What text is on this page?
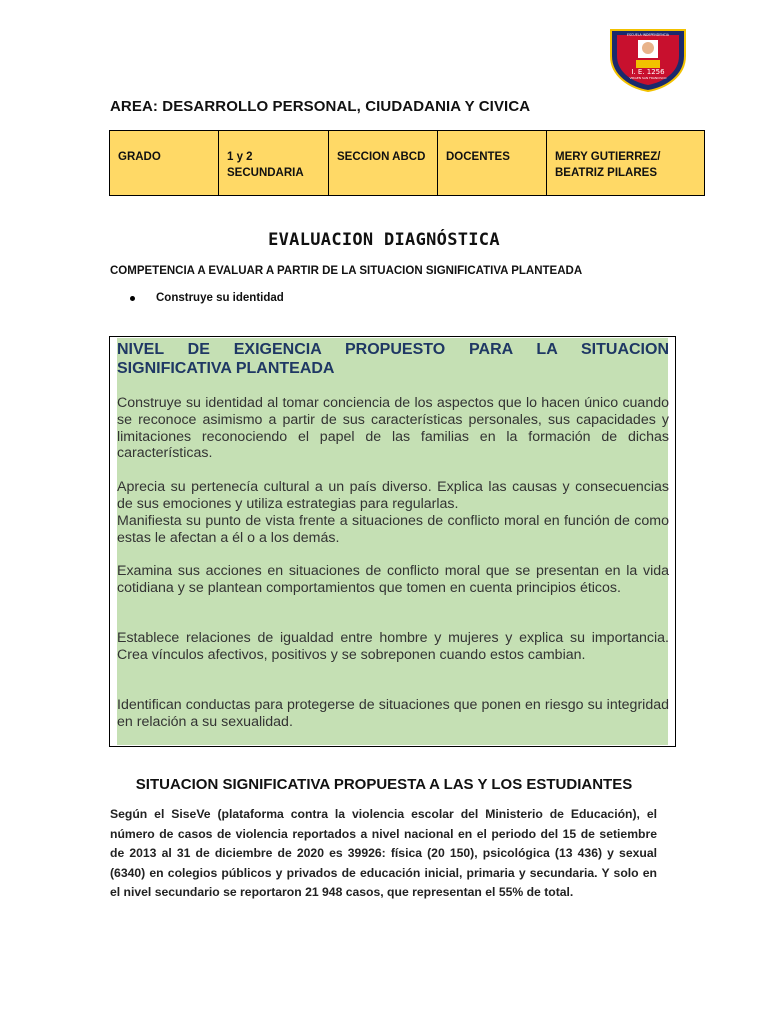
I. E. 1256
ESCUELA INDEPENDENCIA
VIRGEN SAN FRANCISCO
AREA: DESARROLLO PERSONAL, CIUDADANIA Y CIVICA
GRADO	1 y 2 SECUNDARIA	SECCION ABCD	DOCENTES	MERY GUTIERREZ/ BEATRIZ PILARES
EVALUACION DIAGNÓSTICA
COMPETENCIA A EVALUAR A PARTIR DE LA SITUACION SIGNIFICATIVA PLANTEADA
Construye su identidad
NIVEL DE EXIGENCIA PROPUESTO PARA LA SITUACION SIGNIFICATIVA PLANTEADA
Construye su identidad al tomar conciencia de los aspectos que lo hacen único cuando se reconoce asimismo a partir de sus características personales, sus capacidades y limitaciones reconociendo el papel de las familias en la formación de dichas características.
Aprecia su pertenecía cultural a un país diverso. Explica las causas y consecuencias de sus emociones y utiliza estrategias para regularlas.
Manifiesta su punto de vista frente a situaciones de conflicto moral en función de como estas le afectan a él o a los demás.
Examina sus acciones en situaciones de conflicto moral que se presentan en la vida cotidiana y se plantean comportamientos que tomen en cuenta principios éticos.
Establece relaciones de igualdad entre hombre y mujeres y explica su importancia. Crea vínculos afectivos, positivos y se sobreponen cuando estos cambian.
Identifican conductas para protegerse de situaciones que ponen en riesgo su integridad en relación a su sexualidad.
SITUACION SIGNIFICATIVA PROPUESTA A LAS Y LOS ESTUDIANTES
Según el SiseVe (plataforma contra la violencia escolar del Ministerio de Educación), el número de casos de violencia reportados a nivel nacional en el periodo del 15 de setiembre de 2013 al 31 de diciembre de 2020 es 39926: física (20 150), psicológica (13 436) y sexual (6340) en colegios públicos y privados de educación inicial, primaria y secundaria. Y solo en el nivel secundario se reportaron 21 948 casos, que representan el 55% de total.
